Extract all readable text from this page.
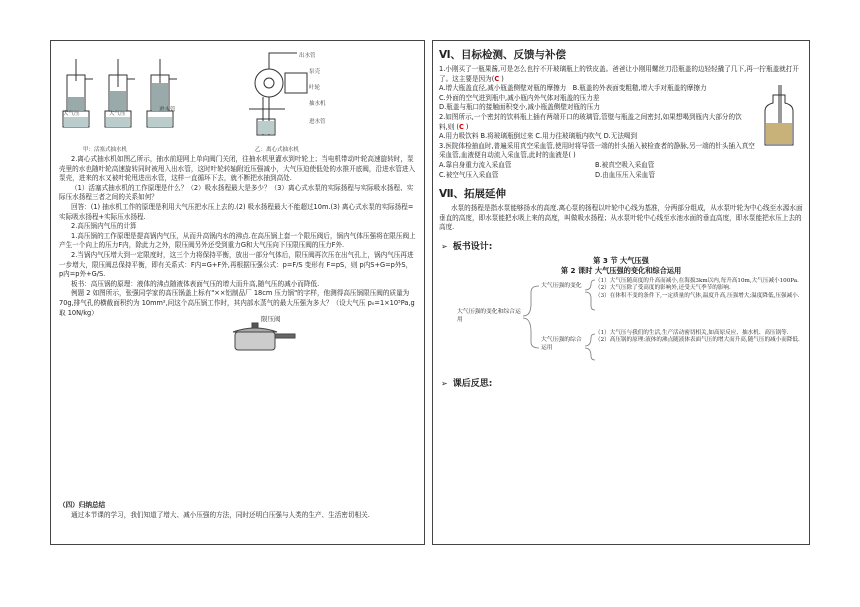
大气压	大气压
进水管
出水管
泵壳
叶轮
抽水机
进水管
甲：活塞式抽水机	乙：离心式抽水机

2.离心式抽水机如图乙所示，抽水前迎网上单向阀门关闭，往抽水机里灌水到叶轮上；当电机带动叶轮高速旋转时，泵壳里的水也随叶轮高速旋转同时被甩入出水管，这时叶轮转轴附近压强减小，大气压迫使低处的水推开底阀，沿进水管进入泵壳，进来的水又被叶轮甩进出水管，这样一直循环下去，就不断把水抽到高处.

（1）活塞式抽水机的工作原理是什么？（2）吸水扬程最大是多少？（3）离心式水泵的实际扬程与实际吸水扬程、实际压水扬程三者之间的关系如何？

回答：(1) 抽水机工作的原理是利用大气压把水压上去的.(2) 吸水扬程最大不能超过10m.(3) 离心式水泵的实际扬程=实际吸水扬程+实际压水扬程.

2.高压锅内气压的计算

1.高压锅的工作原理是提高锅内气压，从而升高锅内水的沸点.在高压锅上套一个限压阀后，锅内气体压强将在限压阀上产生一个向上的压力F内，除此力之外，限压阀另外还受到重力G和大气压向下压限压阀的压力F外.

2.当锅内气压增大到一定限度时，这三个力将保持平衡，放出一部分气体后，限压阀再次压在出气孔上，锅内气压再进一步增大，限压阀总保持平衡，即有关系式：F内=G+F外,再根据压强公式：p=F/S 变形有 F=pS，则 p内S+G=p外S，p内=p外+G/S.

板书：高压锅的原理：液体的沸点随液体表面气压的增大而升高,随气压的减小而降低.

例题 2 如图所示，张强同学家的高压锅盖上标有"××铝制品厂 18cm 压力锅"的字样，他测得高压锅限压阀的质量为 70g,排气孔的横截面积约为 10mm²,问这个高压锅工作时，其内部水蒸气的最大压强为多大？（设大气压 p₀=1×10⁵Pa,g 取 10N/kg）

限压阀

（四）归纳总结

通过本节课的学习，我们知道了增大、减小压强的方法，同时还明白压强与人类的生产、生活密切相关.

Ⅵ、目标检测、反馈与补偿

1.小刚买了一瓶果酱,可是怎么也拧不开玻璃瓶上的铁皮盖。爸爸让小刚用螺丝刀沿瓶盖的边轻轻撬了几下,再一拧瓶盖就打开了。这主要是因为(C )

A.增大瓶盖直径,减小瓶盖侧壁对瓶的摩擦力 B.瓶盖的外表面变粗糙,增大手对瓶盖的摩擦力

C.外面的空气进到瓶中,减小瓶内外气体对瓶盖的压力差

D.瓶盖与瓶口的接触面积变小,减小瓶盖侧壁对瓶的压力

2.如图所示,一个密封的饮料瓶上插有两端开口的玻璃管,管壁与瓶盖之间密封,如果想喝到瓶内大部分的饮料,则 (C )

A.用力吸饮料 B.将玻璃瓶倒过来 C.用力往玻璃瓶内吹气 D.无法喝到

3.医院体检抽血时,普遍采用真空采血管,使用时将导管一端的针头插入被检查者的静脉,另一端的针头插入真空采血管,血液便自动流入采血管,此时的血液是( )

A.靠自身重力流入采血管	B.被真空吸入采血管

C.被空气压入采血管	D.由血压压入采血管

Ⅶ、拓展延伸

水泵的扬程是指水泵能够扬水的高度.离心泵的扬程以叶轮中心线为基准，分两部分组成，从水泵叶轮为中心线至水源水面垂直的高度，即水泵能把水吸上来的高度，叫做吸水扬程；从水泵叶轮中心线至水池水面的垂直高度，即水泵能把水压上去的高度.

➢ 板书设计:
第 3 节 大气压强
第 2 课时 大气压强的变化和综合运用
大气压强的变化和综合运用
大气压强的变化
大气压强的综合运用
（1）大气压随高度的升高而减小,在海拔3km以内,每升高10m,大气压减小100Pa.
（2）大气压除了受高度的影响外,还受天气季节的影响.
（3）在体积不变的条件下,一定质量的气体,温度升高,压强增大;温度降低,压强减小.
（1）大气压与我们的生活,生产活动密切相关,如高原反应、抽水机、高压锅等.
（2）高压锅的原理:液体的沸点随液体表面气压的增大而升高,随气压的减小而降低.
➢ 课后反思:
